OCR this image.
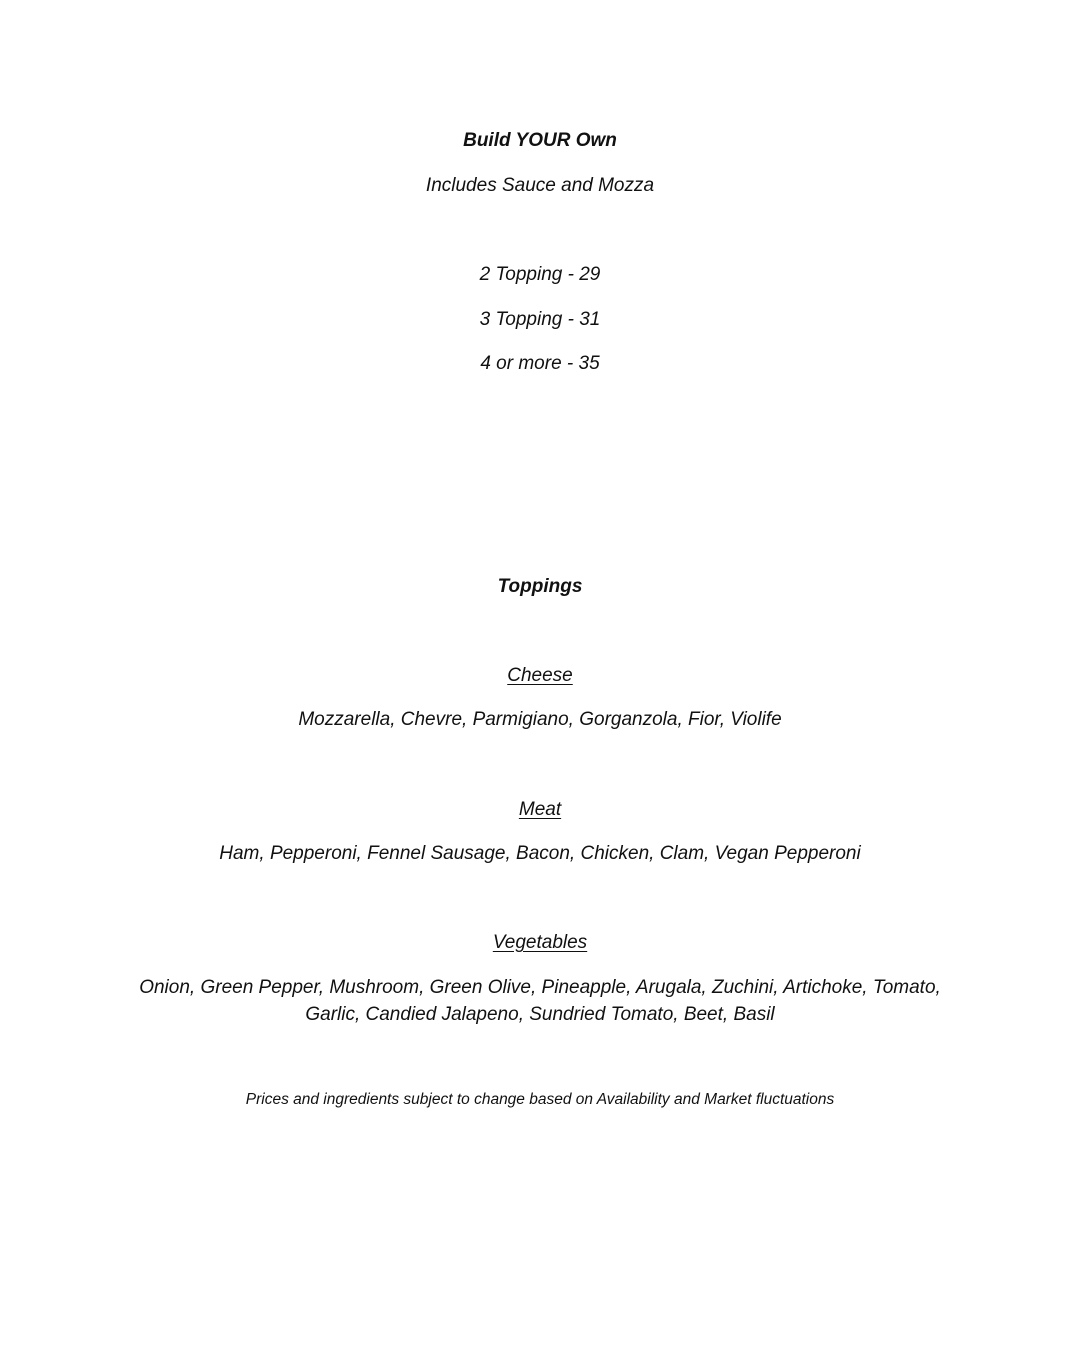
Build YOUR Own
Includes Sauce and Mozza
2 Topping - 29
3 Topping - 31
4 or more - 35
Toppings
Cheese
Mozzarella, Chevre, Parmigiano, Gorganzola, Fior, Violife
Meat
Ham, Pepperoni, Fennel Sausage, Bacon, Chicken, Clam, Vegan Pepperoni
Vegetables
Onion, Green Pepper, Mushroom, Green Olive, Pineapple, Arugala, Zuchini, Artichoke, Tomato,
Garlic, Candied Jalapeno, Sundried Tomato, Beet, Basil
Prices and ingredients subject to change based on Availability and Market fluctuations
